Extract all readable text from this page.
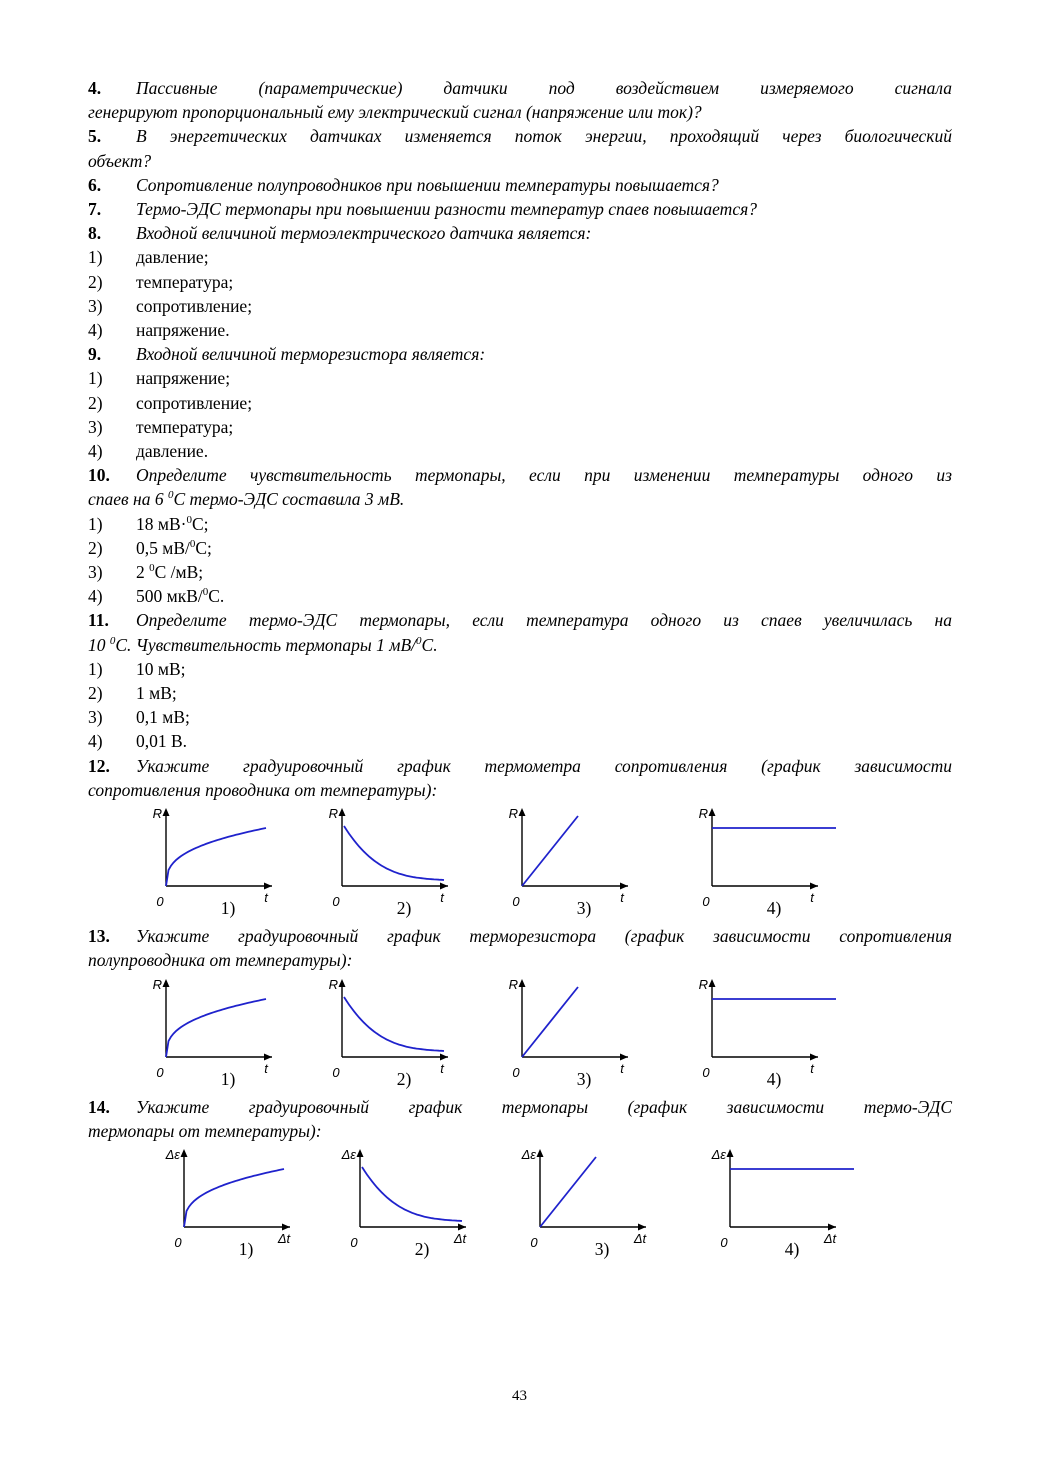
4. Пассивные (параметрические) датчики под воздействием измеряемого сигнала
генерируют пропорциональный ему электрический сигнал (напряжение или ток)?
5. В энергетических датчиках изменяется поток энергии, проходящий через биологический
объект?
6. Сопротивление полупроводников при повышении температуры повышается?
7. Термо-ЭДС термопары при повышении разности температур спаев повышается?
8. Входной величиной термоэлектрического датчика является:
1) давление;
2) температура;
3) сопротивление;
4) напряжение.
9. Входной величиной терморезистора является:
1) напряжение;
2) сопротивление;
3) температура;
4) давление.
10. Определите чувствительность термопары, если при изменении температуры одного из
спаев на 6 $^0$С термо-ЭДС составила 3 мВ.
1) 18 мВ·$^0$С;
2) 0,5 мВ/$^0$С;
3) 2 $^0$С /мВ;
4) 500 мкВ/$^0$С.
11. Определите термо-ЭДС термопары, если температура одного из спаев увеличилась на
10 $^0$С. Чувствительность термопары 1 мВ/$^0$С.
1) 10 мВ;
2) 1 мВ;
3) 0,1 мВ;
4) 0,01 В.
12. Укажите градуировочный график термометра сопротивления (график зависимости
сопротивления проводника от температуры):
R
t
0	1)
R
t
0	2)
R
t
0	3)
R
t
0	4)
13. Укажите градуировочный график терморезистора (график зависимости сопротивления
полупроводника от температуры):
R
t
0	1)
R
t
0	2)
R
t
0	3)
R
t
0	4)
14. Укажите градуировочный график термопары (график зависимости термо-ЭДС
термопары от температуры):
Δε
Δt
0	1)
Δε
Δt
0	2)
Δε
Δt
0	3)
Δε
Δt
0	4)
43
